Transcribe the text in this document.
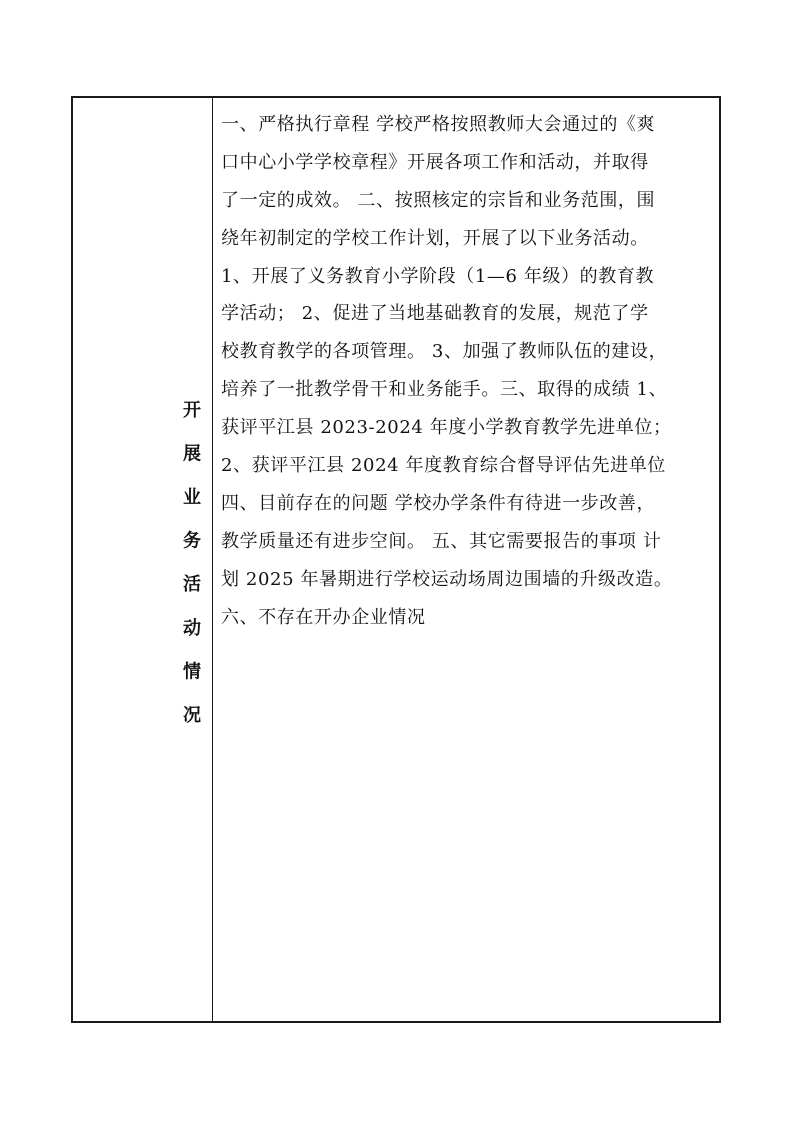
开展业务活动情况
一、严格执行章程 学校严格按照教师大会通过的《爽
口中心小学学校章程》开展各项工作和活动，并取得
了一定的成效。 二、按照核定的宗旨和业务范围，围
绕年初制定的学校工作计划，开展了以下业务活动。
1、开展了义务教育小学阶段（1—6 年级）的教育教
学活动； 2、促进了当地基础教育的发展，规范了学
校教育教学的各项管理。 3、加强了教师队伍的建设，
培养了一批教学骨干和业务能手。三、取得的成绩 1、
获评平江县 2023-2024 年度小学教育教学先进单位；
2、获评平江县 2024 年度教育综合督导评估先进单位
四、目前存在的问题 学校办学条件有待进一步改善，
教学质量还有进步空间。 五、其它需要报告的事项 计
划 2025 年暑期进行学校运动场周边围墙的升级改造。
六、不存在开办企业情况
